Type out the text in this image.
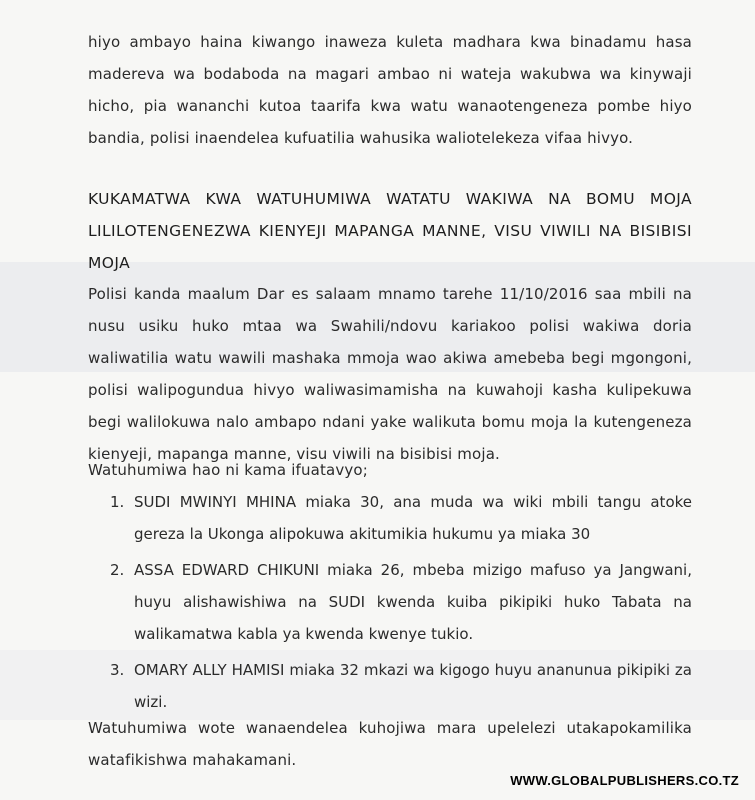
hiyo ambayo haina kiwango inaweza kuleta madhara kwa binadamu hasa madereva wa bodaboda na magari ambao ni wateja wakubwa wa kinywaji hicho, pia wananchi kutoa taarifa kwa watu wanaotengeneza pombe hiyo bandia, polisi inaendelea kufuatilia wahusika waliotelekeza vifaa hivyo.

KUKAMATWA KWA WATUHUMIWA WATATU WAKIWA NA BOMU MOJA LILILOTENGENEZWA KIENYEJI MAPANGA MANNE, VISU VIWILI NA BISIBISI MOJA

Polisi kanda maalum Dar es salaam mnamo tarehe 11/10/2016 saa mbili na nusu usiku huko mtaa wa Swahili/ndovu kariakoo polisi wakiwa doria waliwatilia watu wawili mashaka mmoja wao akiwa amebeba begi mgongoni, polisi walipogundua hivyo waliwasimamisha na kuwahoji kasha kulipekuwa begi walilokuwa nalo ambapo ndani yake walikuta bomu moja la kutengeneza kienyeji, mapanga manne, visu viwili na bisibisi moja.

Watuhumiwa hao ni kama ifuatavyo;

1. SUDI MWINYI MHINA miaka 30, ana muda wa wiki mbili tangu atoke gereza la Ukonga alipokuwa akitumikia hukumu ya miaka 30
2. ASSA EDWARD CHIKUNI miaka 26, mbeba mizigo mafuso ya Jangwani, huyu alishawishiwa na SUDI kwenda kuiba pikipiki huko Tabata na walikamatwa kabla ya kwenda kwenye tukio.
3. OMARY ALLY HAMISI miaka 32 mkazi wa kigogo huyu ananunua pikipiki za wizi.

Watuhumiwa wote wanaendelea kuhojiwa mara upelelezi utakapokamilika watafikishwa mahakamani.

WWW.GLOBALPUBLISHERS.CO.TZ
